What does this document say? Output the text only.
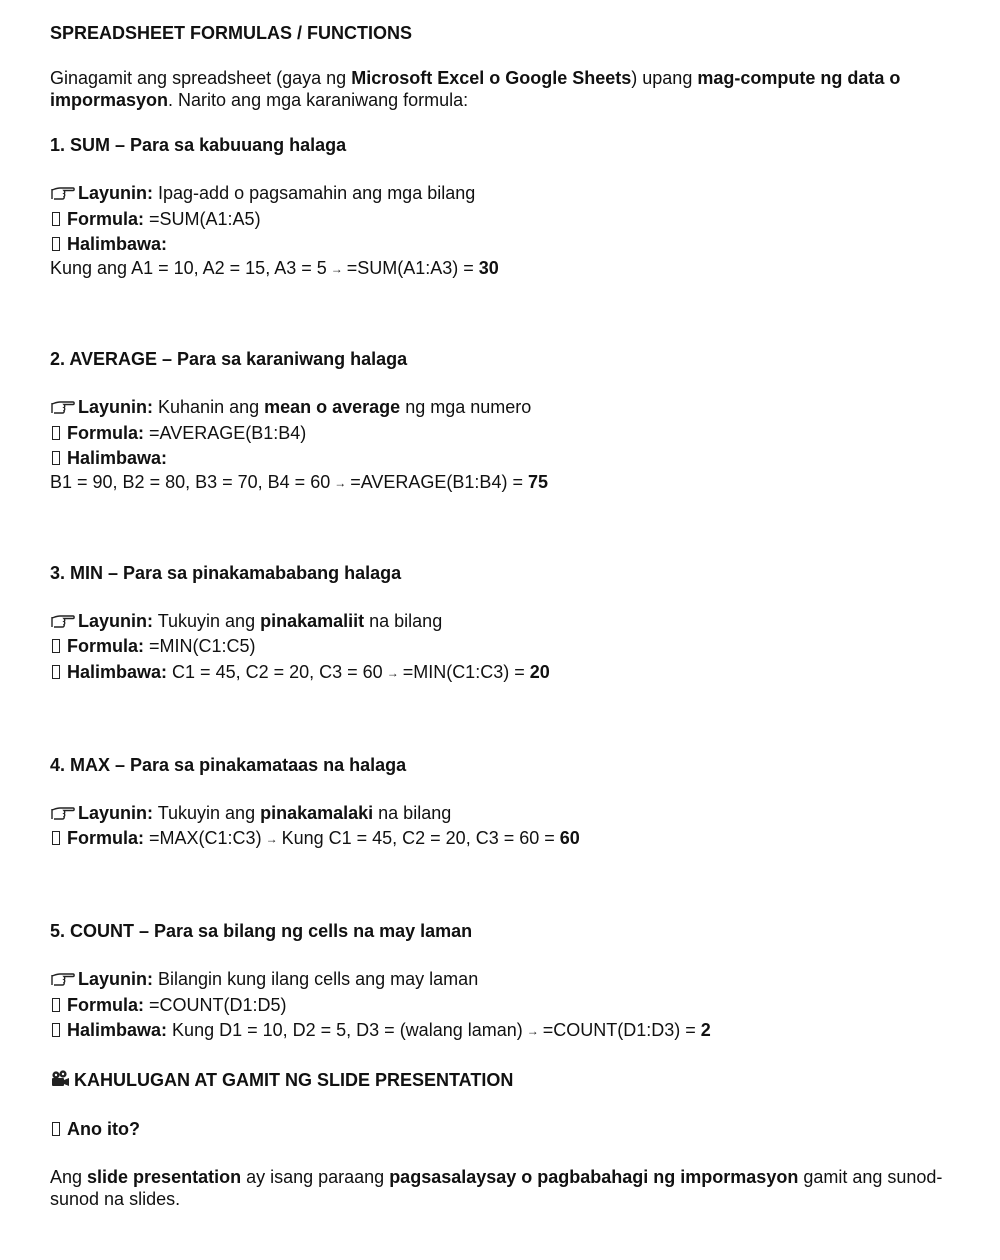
SPREADSHEET FORMULAS / FUNCTIONS
Ginagamit ang spreadsheet (gaya ng Microsoft Excel o Google Sheets) upang mag-compute ng data o impormasyon. Narito ang mga karaniwang formula:
1. SUM – Para sa kabuuang halaga
Layunin: Ipag-add o pagsamahin ang mga bilang
Formula: =SUM(A1:A5)
Halimbawa:
Kung ang A1 = 10, A2 = 15, A3 = 5 → =SUM(A1:A3) = 30
2. AVERAGE – Para sa karaniwang halaga
Layunin: Kuhanin ang mean o average ng mga numero
Formula: =AVERAGE(B1:B4)
Halimbawa:
B1 = 90, B2 = 80, B3 = 70, B4 = 60 → =AVERAGE(B1:B4) = 75
3. MIN – Para sa pinakamababang halaga
Layunin: Tukuyin ang pinakamaliit na bilang
Formula: =MIN(C1:C5)
Halimbawa: C1 = 45, C2 = 20, C3 = 60 → =MIN(C1:C3) = 20
4. MAX – Para sa pinakamataas na halaga
Layunin: Tukuyin ang pinakamalaki na bilang
Formula: =MAX(C1:C3) → Kung C1 = 45, C2 = 20, C3 = 60 = 60
5. COUNT – Para sa bilang ng cells na may laman
Layunin: Bilangin kung ilang cells ang may laman
Formula: =COUNT(D1:D5)
Halimbawa: Kung D1 = 10, D2 = 5, D3 = (walang laman) → =COUNT(D1:D3) = 2
KAHULUGAN AT GAMIT NG SLIDE PRESENTATION
Ano ito?
Ang slide presentation ay isang paraang pagsasalaysay o pagbabahagi ng impormasyon gamit ang sunod-sunod na slides.
